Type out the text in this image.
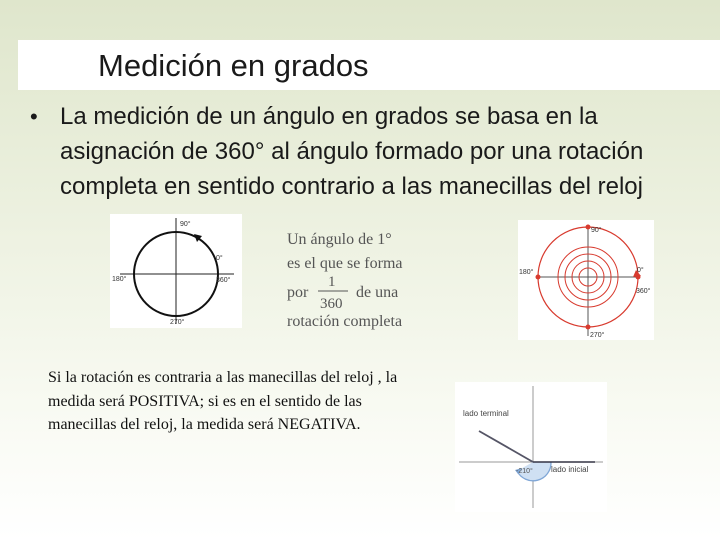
Medición en grados
• La medición de un ángulo en grados se basa en la asignación de 360° al ángulo formado por una rotación completa en sentido contrario a las manecillas del reloj
90°
0°
360°
180°
270°
Un ángulo de 1°
es el que se forma
por
1
360
de una
rotación completa
90°
0°
360°
180°
270°

Si la rotación es contraria a las manecillas del reloj , la medida será POSITIVA; si es en el sentido de las manecillas del reloj, la medida será NEGATIVA.

lado terminal
lado inicial
-210°
